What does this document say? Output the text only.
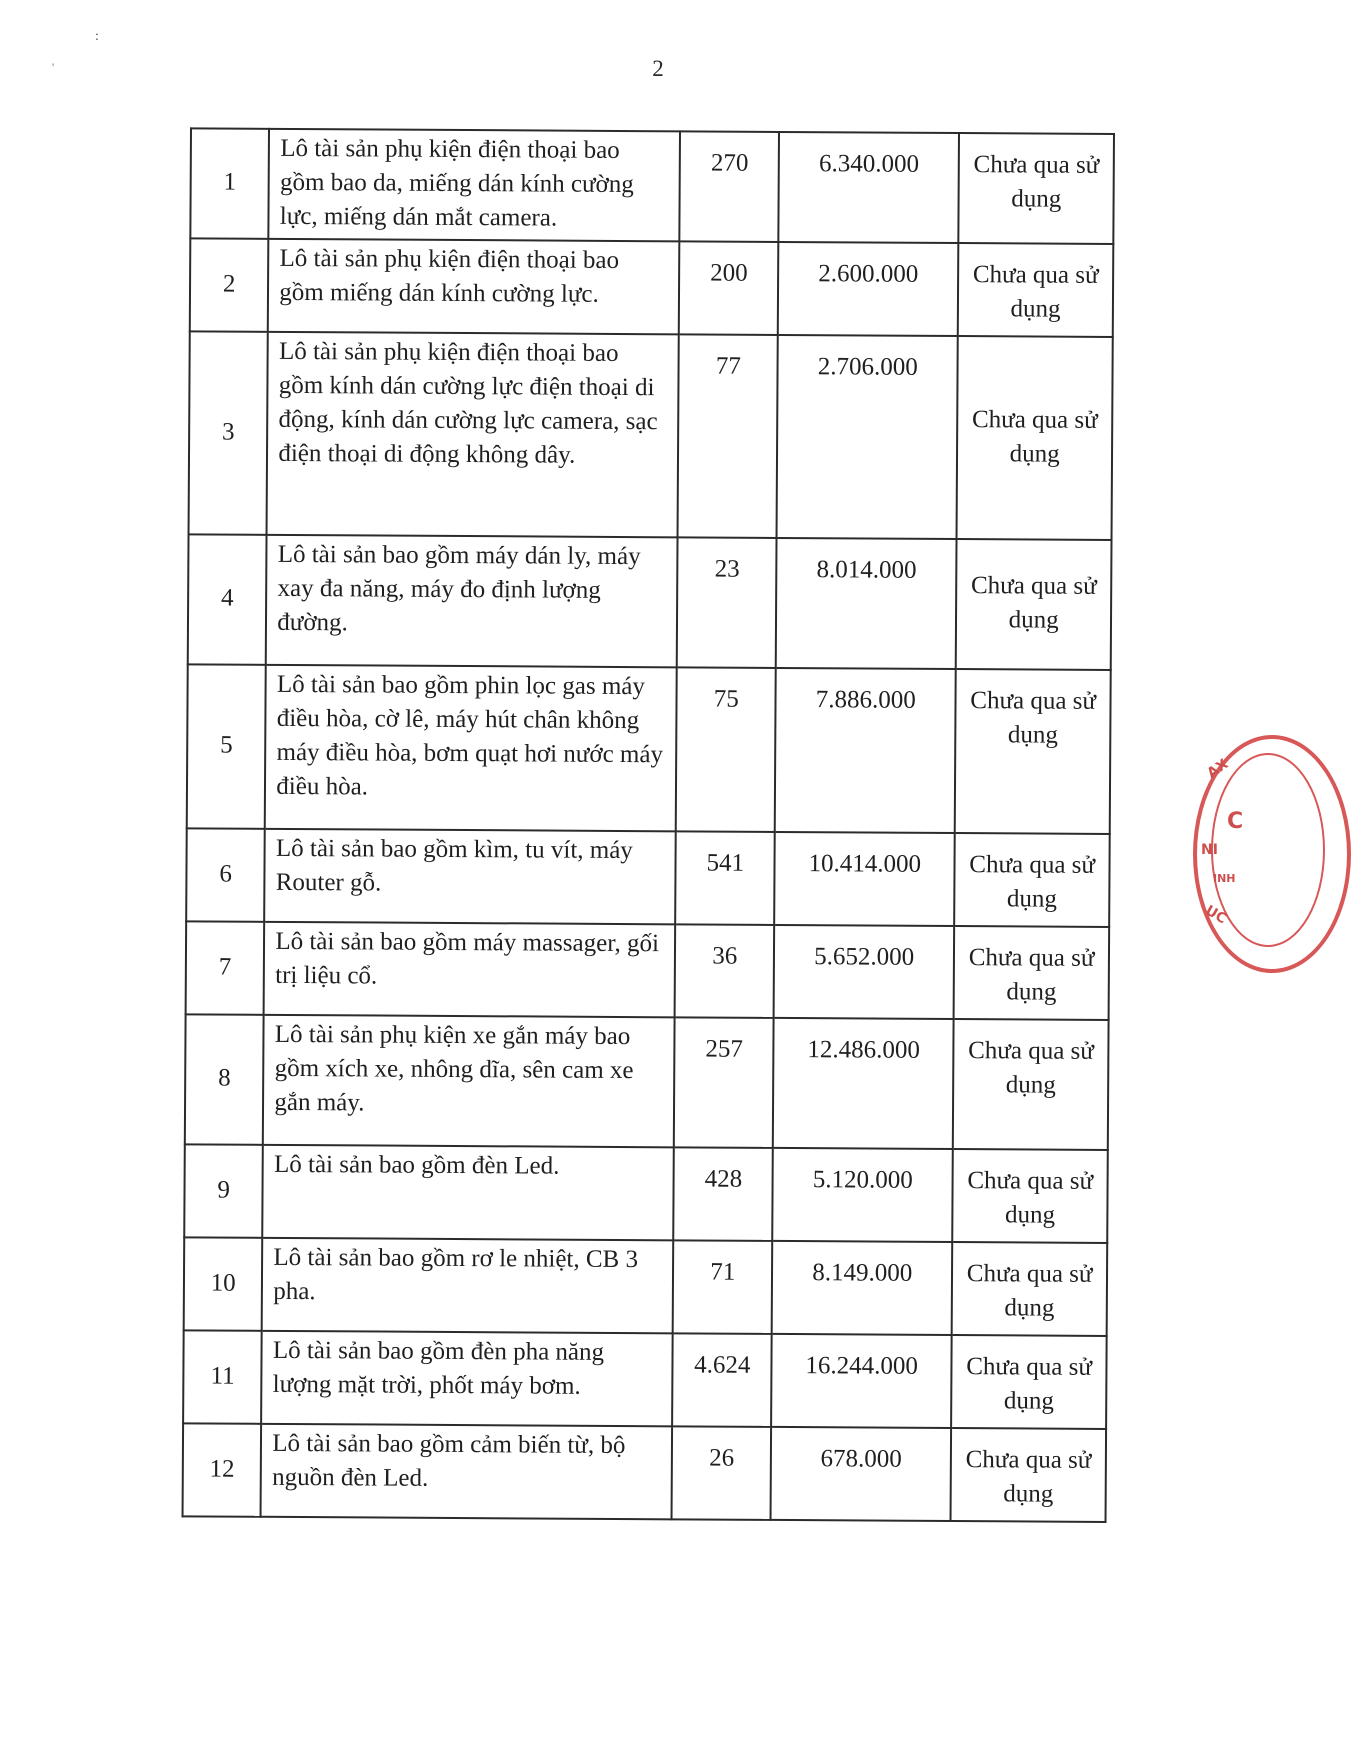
2
:
'
1	Lô tài sản phụ kiện điện thoại bao gồm bao da, miếng dán kính cường lực, miếng dán mắt camera.	270	6.340.000	Chưa qua sử dụng
2	Lô tài sản phụ kiện điện thoại bao gồm miếng dán kính cường lực.	200	2.600.000	Chưa qua sử dụng
3	Lô tài sản phụ kiện điện thoại bao gồm kính dán cường lực điện thoại di động, kính dán cường lực camera, sạc điện thoại di động không dây.	77	2.706.000	Chưa qua sử dụng
4	Lô tài sản bao gồm máy dán ly, máy xay đa năng, máy đo định lượng đường.	23	8.014.000	Chưa qua sử dụng
5	Lô tài sản bao gồm phin lọc gas máy điều hòa, cờ lê, máy hút chân không máy điều hòa, bơm quạt hơi nước máy điều hòa.	75	7.886.000	Chưa qua sử dụng
6	Lô tài sản bao gồm kìm, tu vít, máy Router gỗ.	541	10.414.000	Chưa qua sử dụng
7	Lô tài sản bao gồm máy massager, gối trị liệu cổ.	36	5.652.000	Chưa qua sử dụng
8	Lô tài sản phụ kiện xe gắn máy bao gồm xích xe, nhông dĩa, sên cam xe gắn máy.	257	12.486.000	Chưa qua sử dụng
9	Lô tài sản bao gồm đèn Led.	428	5.120.000	Chưa qua sử dụng
10	Lô tài sản bao gồm rơ le nhiệt, CB 3 pha.	71	8.149.000	Chưa qua sử dụng
11	Lô tài sản bao gồm đèn pha năng lượng mặt trời, phốt máy bơm.	4.624	16.244.000	Chưa qua sử dụng
12	Lô tài sản bao gồm cảm biến từ, bộ nguồn đèn Led.	26	678.000	Chưa qua sử dụng
AX
C
NI
INH
UC
